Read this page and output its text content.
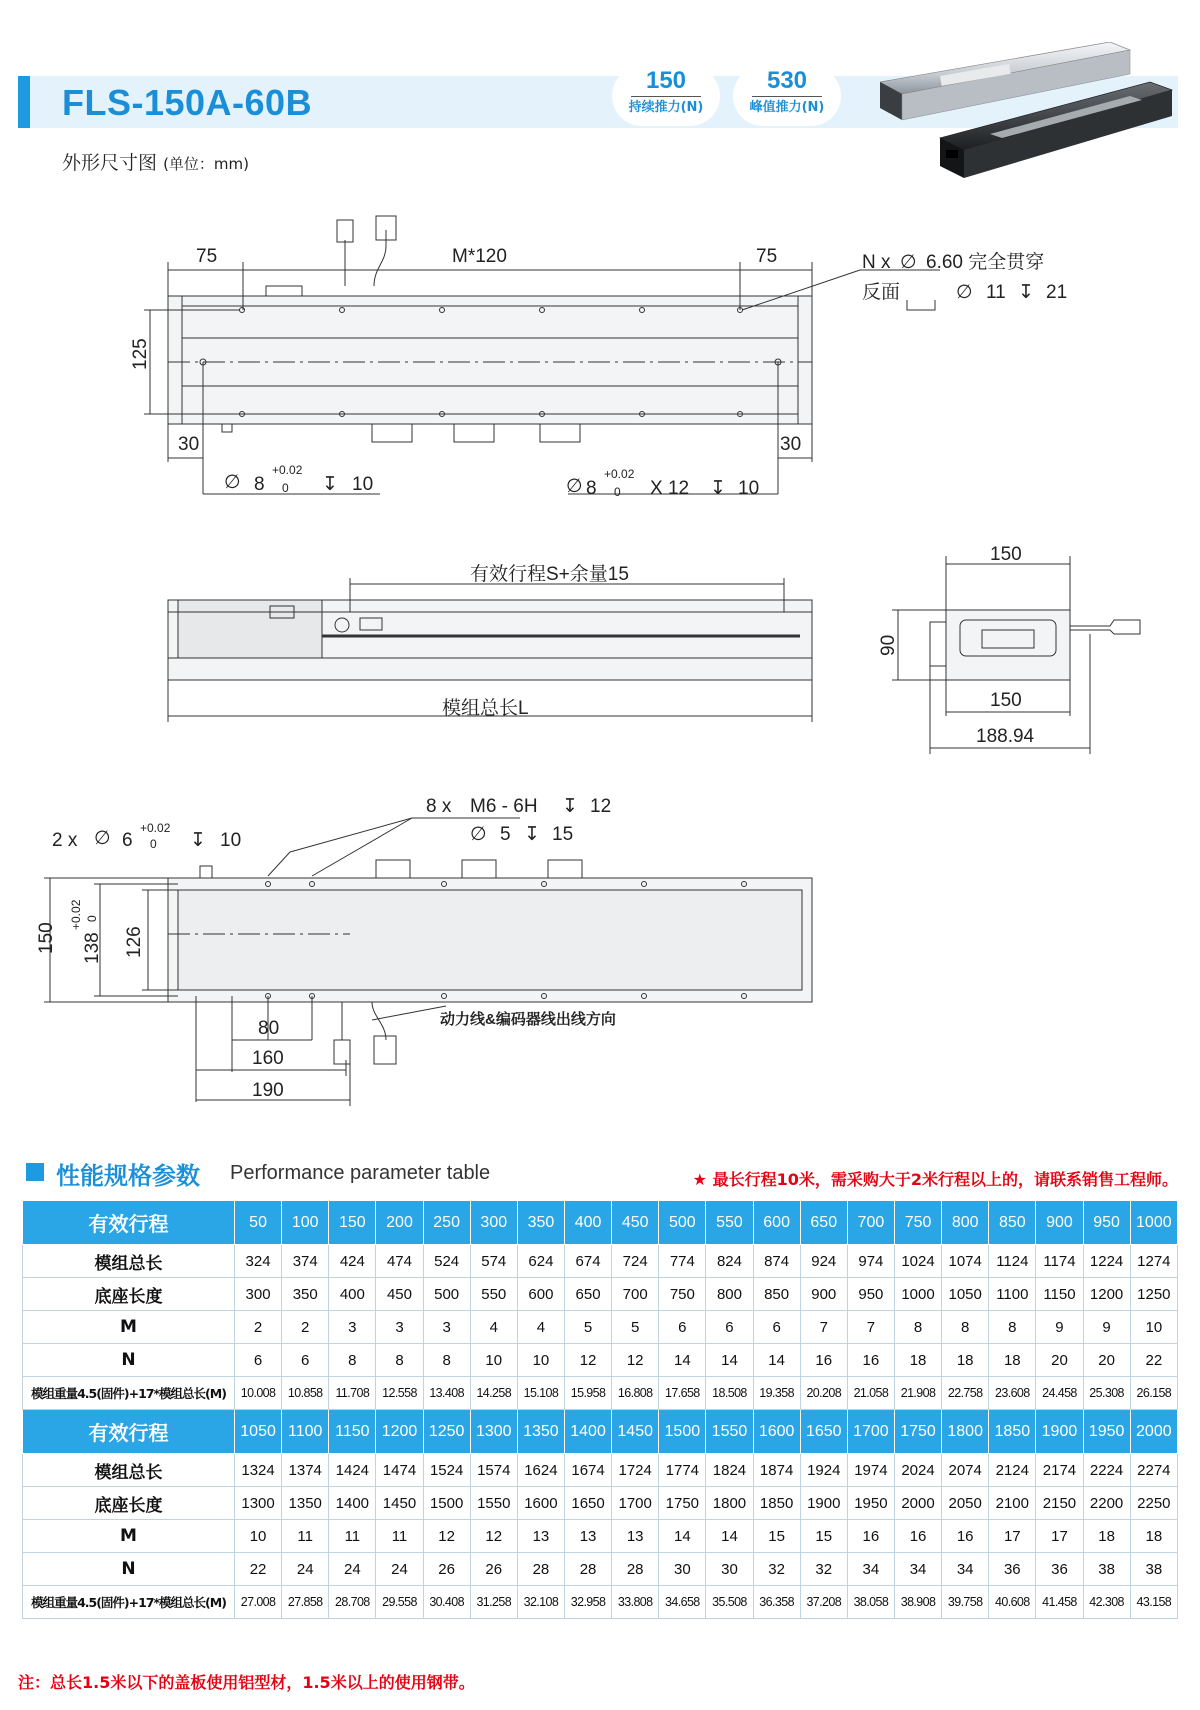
FLS-150A-60B
150
持续推力(N)
530
峰值推力(N)
外形尺寸图 (单位：mm)
75	M*120	75	N x ∅ 6.60 完全贯穿
反面	∅ 11 ↧ 21
125
30	30
∅ 8
+0.02
0 ↧ 10	∅ 8
+0.02
0 X 12 ↧ 10
有效行程S+余量15
模组总长L
150
90
150
188.94
8 x M6 - 6H ↧ 12
∅ 5 ↧ 15
2 x ∅ 6
+0.02
0 ↧ 10
150 138
+0.02 0
126
80
160
190
动力线&编码器线出线方向
性能规格参数 Performance parameter table	★ 最长行程10米，需采购大于2米行程以上的，请联系销售工程师。
有效行程	50	100	150	200	250	300	350	400	450	500	550	600	650	700	750	800	850	900	950	1000
模组总长	324	374	424	474	524	574	624	674	724	774	824	874	924	974	1024	1074	1124	1174	1224	1274
底座长度	300	350	400	450	500	550	600	650	700	750	800	850	900	950	1000	1050	1100	1150	1200	1250
M	2	2	3	3	3	4	4	5	5	6	6	6	7	7	8	8	8	9	9	10
N	6	6	8	8	8	10	10	12	12	14	14	14	16	16	18	18	18	20	20	22
模组重量4.5(固件)+17*模组总长(M)	10.008	10.858	11.708	12.558	13.408	14.258	15.108	15.958	16.808	17.658	18.508	19.358	20.208	21.058	21.908	22.758	23.608	24.458	25.308	26.158
有效行程	1050	1100	1150	1200	1250	1300	1350	1400	1450	1500	1550	1600	1650	1700	1750	1800	1850	1900	1950	2000
模组总长	1324	1374	1424	1474	1524	1574	1624	1674	1724	1774	1824	1874	1924	1974	2024	2074	2124	2174	2224	2274
底座长度	1300	1350	1400	1450	1500	1550	1600	1650	1700	1750	1800	1850	1900	1950	2000	2050	2100	2150	2200	2250
M	10	11	11	11	12	12	13	13	13	14	14	15	15	16	16	16	17	17	18	18
N	22	24	24	24	26	26	28	28	28	30	30	32	32	34	34	34	36	36	38	38
模组重量4.5(固件)+17*模组总长(M)	27.008	27.858	28.708	29.558	30.408	31.258	32.108	32.958	33.808	34.658	35.508	36.358	37.208	38.058	38.908	39.758	40.608	41.458	42.308	43.158
注：总长1.5米以下的盖板使用铝型材，1.5米以上的使用钢带。
